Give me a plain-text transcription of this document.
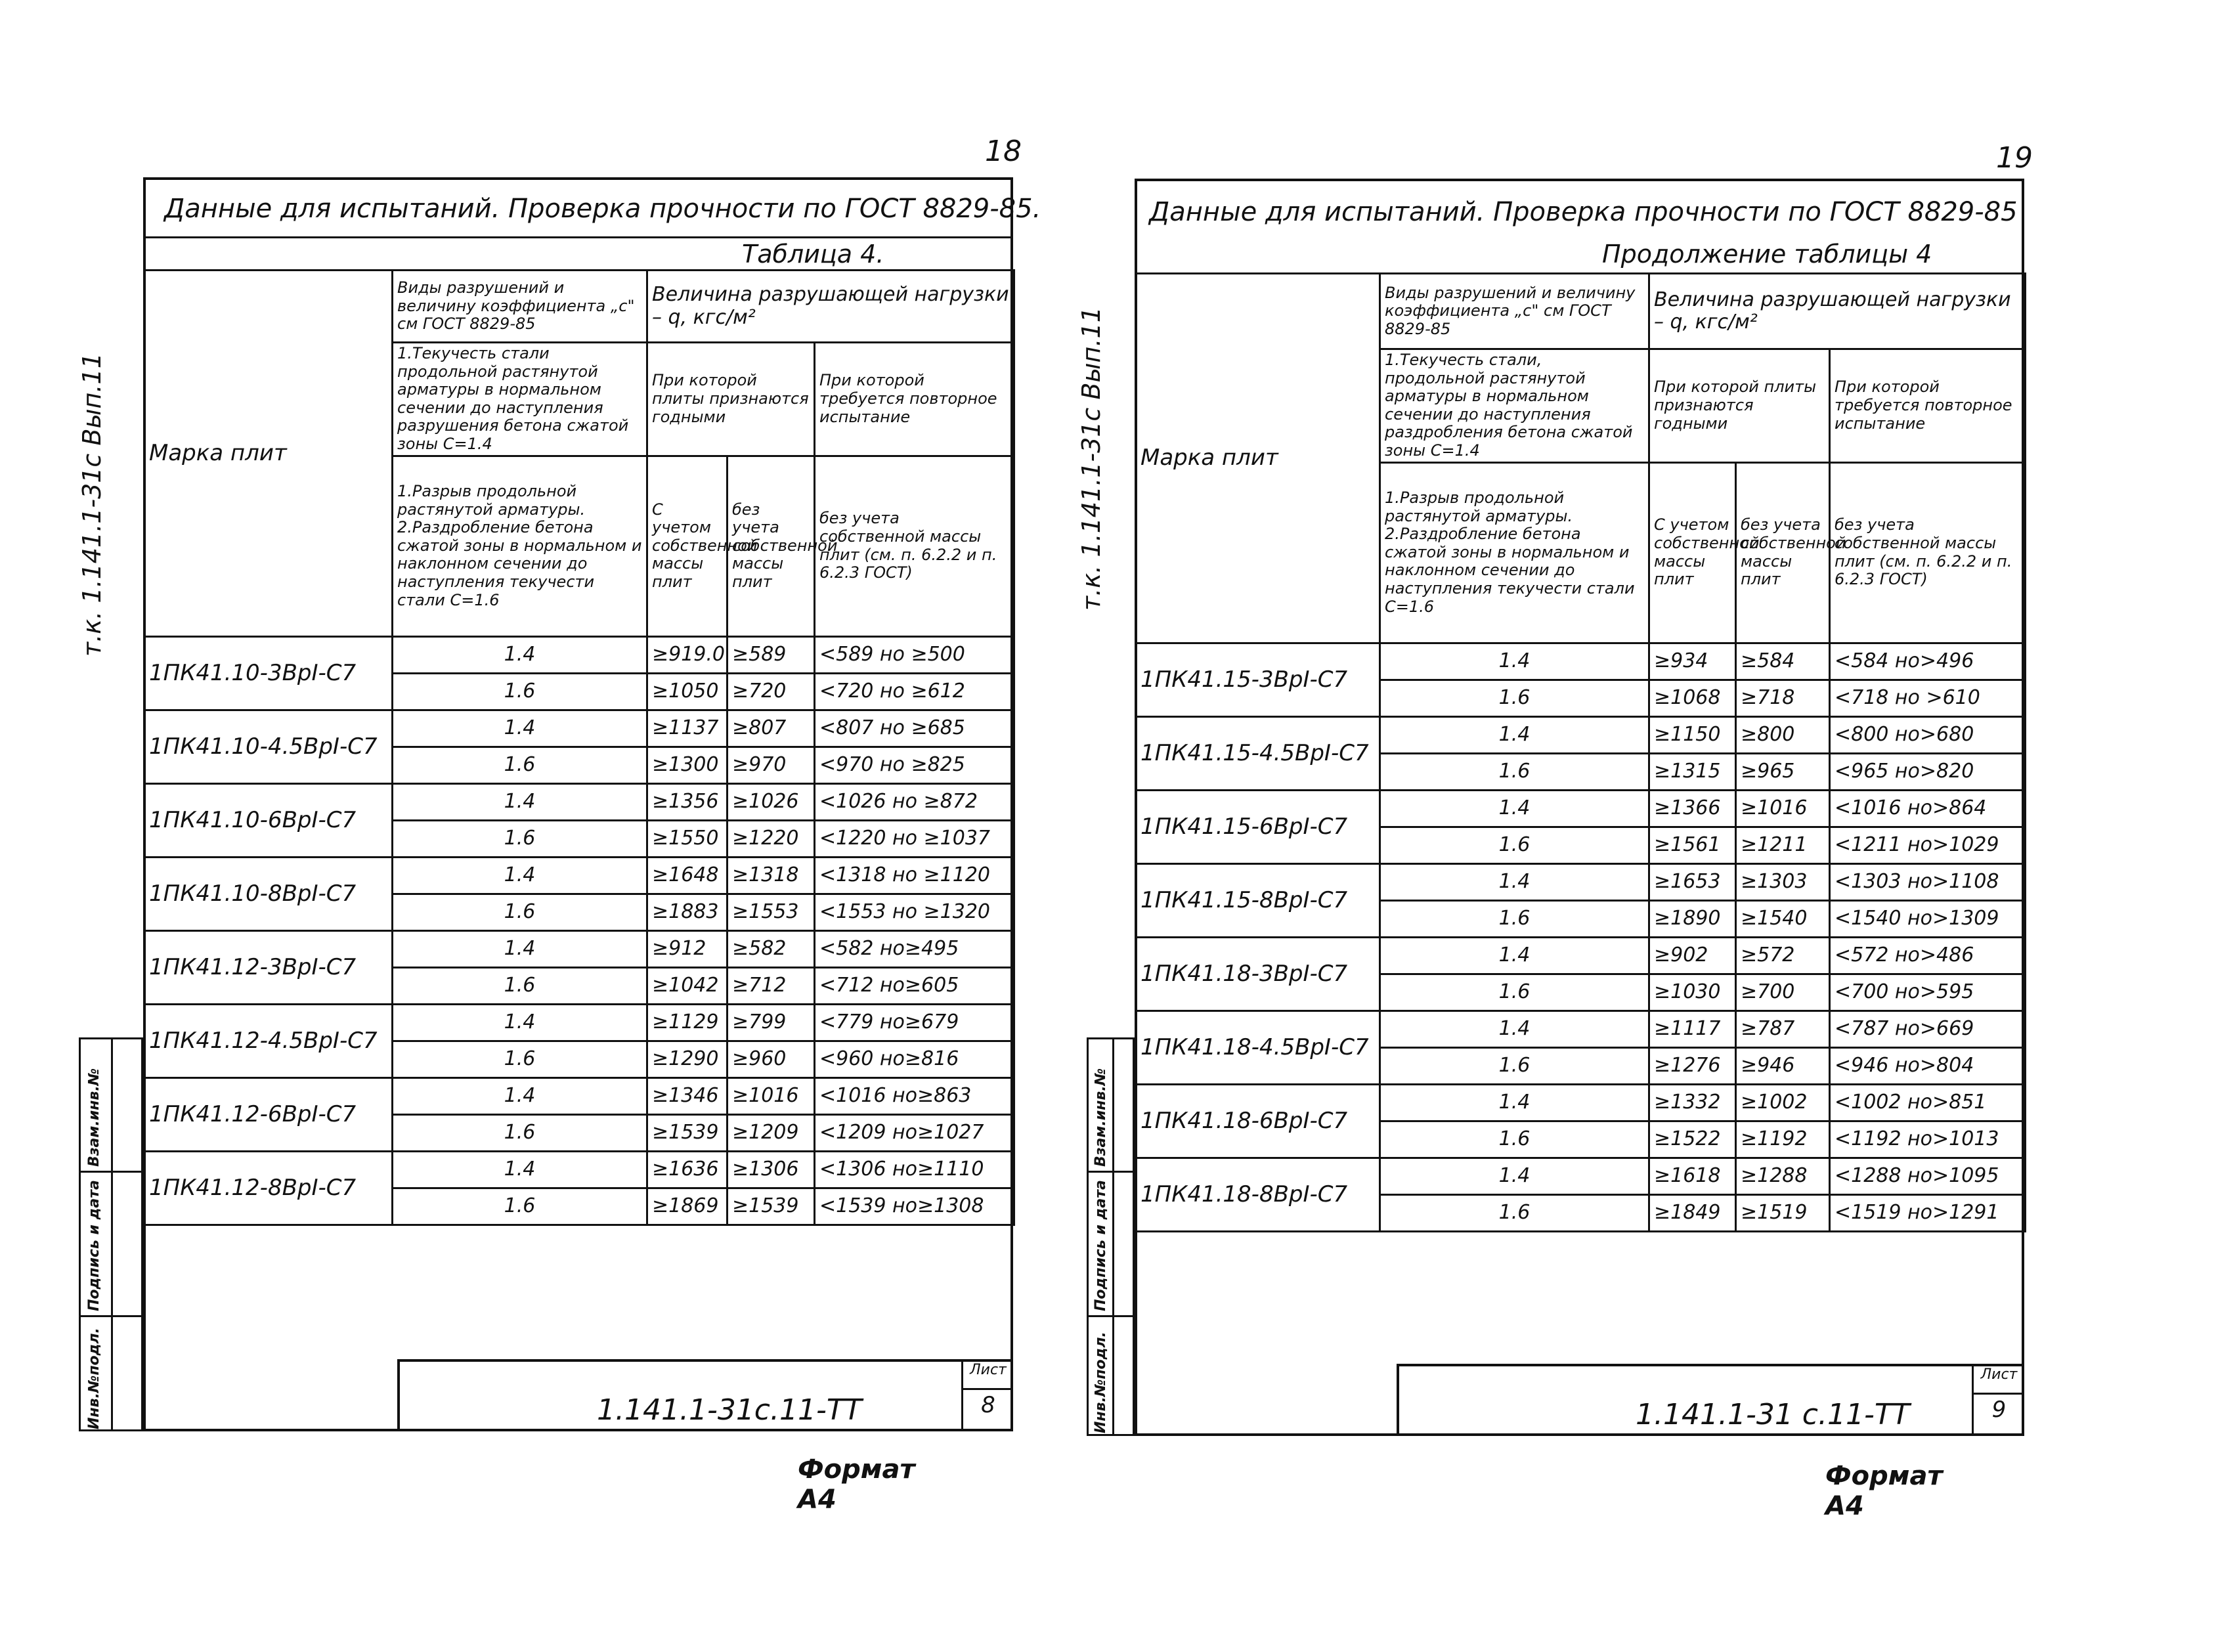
18
т.к. 1.141.1-31с Вып.11
Инв.№подл.
Подпись и дата
Взам.инв.№
Данные для испытаний. Проверка прочности по ГОСТ 8829-85.
Таблица 4.
Марка плит	Виды разрушений и величину коэффициента „с" см ГОСТ 8829-85	Величина разрушающей нагрузки – q, кгс/м²		
	1.Текучесть стали продольной растянутой арматуры в нормальном сечении до наступления разрушения бетона сжатой зоны С=1.4	При которой плиты признаются годными		При которой требуется повторное испытание
	1.Разрыв продольной растянутой арматуры. 2.Раздробление бетона сжатой зоны в нормальном и наклонном сечении до наступления текучести стали С=1.6	С учетом собственной массы плит	без учета собственной массы плит	без учета собственной массы плит (см. п. 6.2.2 и п. 6.2.3 ГОСТ)
1ПК41.10-3ВрI-С7	1.4	≥919.0	≥589	<589 но ≥500
	1.6	≥1050	≥720	<720 но ≥612
1ПК41.10-4.5ВрI-С7	1.4	≥1137	≥807	<807 но ≥685
	1.6	≥1300	≥970	<970 но ≥825
1ПК41.10-6ВрI-С7	1.4	≥1356	≥1026	<1026 но ≥872
	1.6	≥1550	≥1220	<1220 но ≥1037
1ПК41.10-8ВрI-С7	1.4	≥1648	≥1318	<1318 но ≥1120
	1.6	≥1883	≥1553	<1553 но ≥1320
1ПК41.12-3ВрI-С7	1.4	≥912	≥582	<582 но≥495
	1.6	≥1042	≥712	<712 но≥605
1ПК41.12-4.5ВрI-С7	1.4	≥1129	≥799	<779 но≥679
	1.6	≥1290	≥960	<960 но≥816
1ПК41.12-6ВрI-С7	1.4	≥1346	≥1016	<1016 но≥863
	1.6	≥1539	≥1209	<1209 но≥1027
1ПК41.12-8ВрI-С7	1.4	≥1636	≥1306	<1306 но≥1110
	1.6	≥1869	≥1539	<1539 но≥1308
1.141.1-31с.11-ТТ
Лист
8
Формат А4
19
т.к. 1.141.1-31с Вып.11
Инв.№подл.
Подпись и дата
Взам.инв.№
Данные для испытаний. Проверка прочности по ГОСТ 8829-85
Продолжение таблицы 4
Марка плит	Виды разрушений и величину коэффициента „с" см ГОСТ 8829-85	Величина разрушающей нагрузки – q, кгс/м²		
	1.Текучесть стали, продольной растянутой арматуры в нормальном сечении до наступления раздробления бетона сжатой зоны С=1.4	При которой плиты признаются годными		При которой требуется повторное испытание
	1.Разрыв продольной растянутой арматуры. 2.Раздробление бетона сжатой зоны в нормальном и наклонном сечении до наступления текучести стали С=1.6	С учетом собственной массы плит	без учета собственной массы плит	без учета собственной массы плит (см. п. 6.2.2 и п. 6.2.3 ГОСТ)
1ПК41.15-3ВрI-С7	1.4	≥934	≥584	<584 но>496
	1.6	≥1068	≥718	<718 но >610
1ПК41.15-4.5ВрI-С7	1.4	≥1150	≥800	<800 но>680
	1.6	≥1315	≥965	<965 но>820
1ПК41.15-6ВрI-С7	1.4	≥1366	≥1016	<1016 но>864
	1.6	≥1561	≥1211	<1211 но>1029
1ПК41.15-8ВрI-С7	1.4	≥1653	≥1303	<1303 но>1108
	1.6	≥1890	≥1540	<1540 но>1309
1ПК41.18-3ВрI-С7	1.4	≥902	≥572	<572 но>486
	1.6	≥1030	≥700	<700 но>595
1ПК41.18-4.5ВрI-С7	1.4	≥1117	≥787	<787 но>669
	1.6	≥1276	≥946	<946 но>804
1ПК41.18-6ВрI-С7	1.4	≥1332	≥1002	<1002 но>851
	1.6	≥1522	≥1192	<1192 но>1013
1ПК41.18-8ВрI-С7	1.4	≥1618	≥1288	<1288 но>1095
	1.6	≥1849	≥1519	<1519 но>1291
1.141.1-31 с.11-ТТ
Лист
9
Формат А4
